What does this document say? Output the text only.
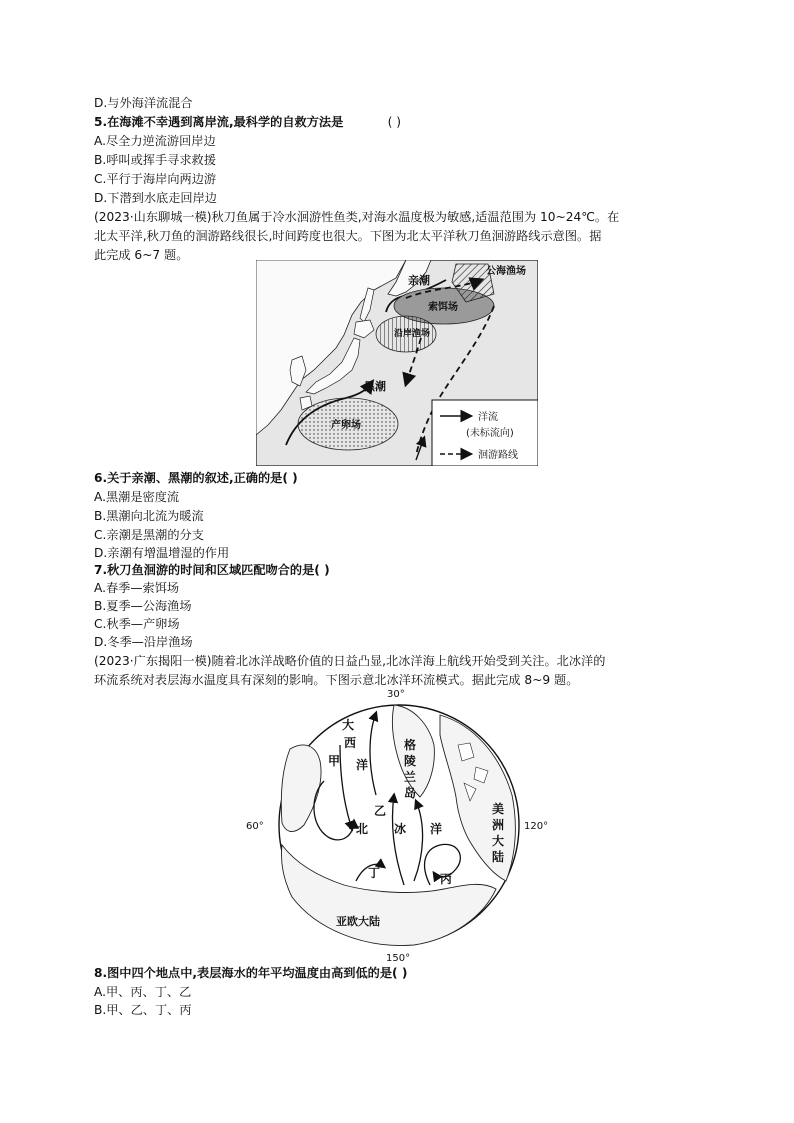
D.与外海洋流混合
5.在海滩不幸遇到离岸流,最科学的自救方法是	( )
A.尽全力逆流游回岸边
B.呼叫或挥手寻求救援
C.平行于海岸向两边游
D.下潜到水底走回岸边
(2023·山东聊城一模)秋刀鱼属于冷水洄游性鱼类,对海水温度极为敏感,适温范围为 10~24℃。在
北太平洋,秋刀鱼的洄游路线很长,时间跨度也很大。下图为北太平洋秋刀鱼洄游路线示意图。据
此完成 6~7 题。
亲潮
公海渔场
索饵场
沿岸渔场
黑潮
产卵场
洋流
(未标流向)
洄游路线
6.关于亲潮、黑潮的叙述,正确的是( )
A.黑潮是密度流
B.黑潮向北流为暖流
C.亲潮是黑潮的分支
D.亲潮有增温增湿的作用
7.秋刀鱼洄游的时间和区域匹配吻合的是( )
A.春季—索饵场
B.夏季—公海渔场
C.秋季—产卵场
D.冬季—沿岸渔场
(2023·广东揭阳一模)随着北冰洋战略价值的日益凸显,北冰洋海上航线开始受到关注。北冰洋的
环流系统对表层海水温度具有深刻的影响。下图示意北冰洋环流模式。据此完成 8~9 题。
30°
60°	120°
150°
大
西
洋
格
陵
兰
岛
美
洲
大
陆
北 冰 洋
甲
乙
丙
丁
亚欧大陆
8.图中四个地点中,表层海水的年平均温度由高到低的是( )
A.甲、丙、丁、乙
B.甲、乙、丁、丙
